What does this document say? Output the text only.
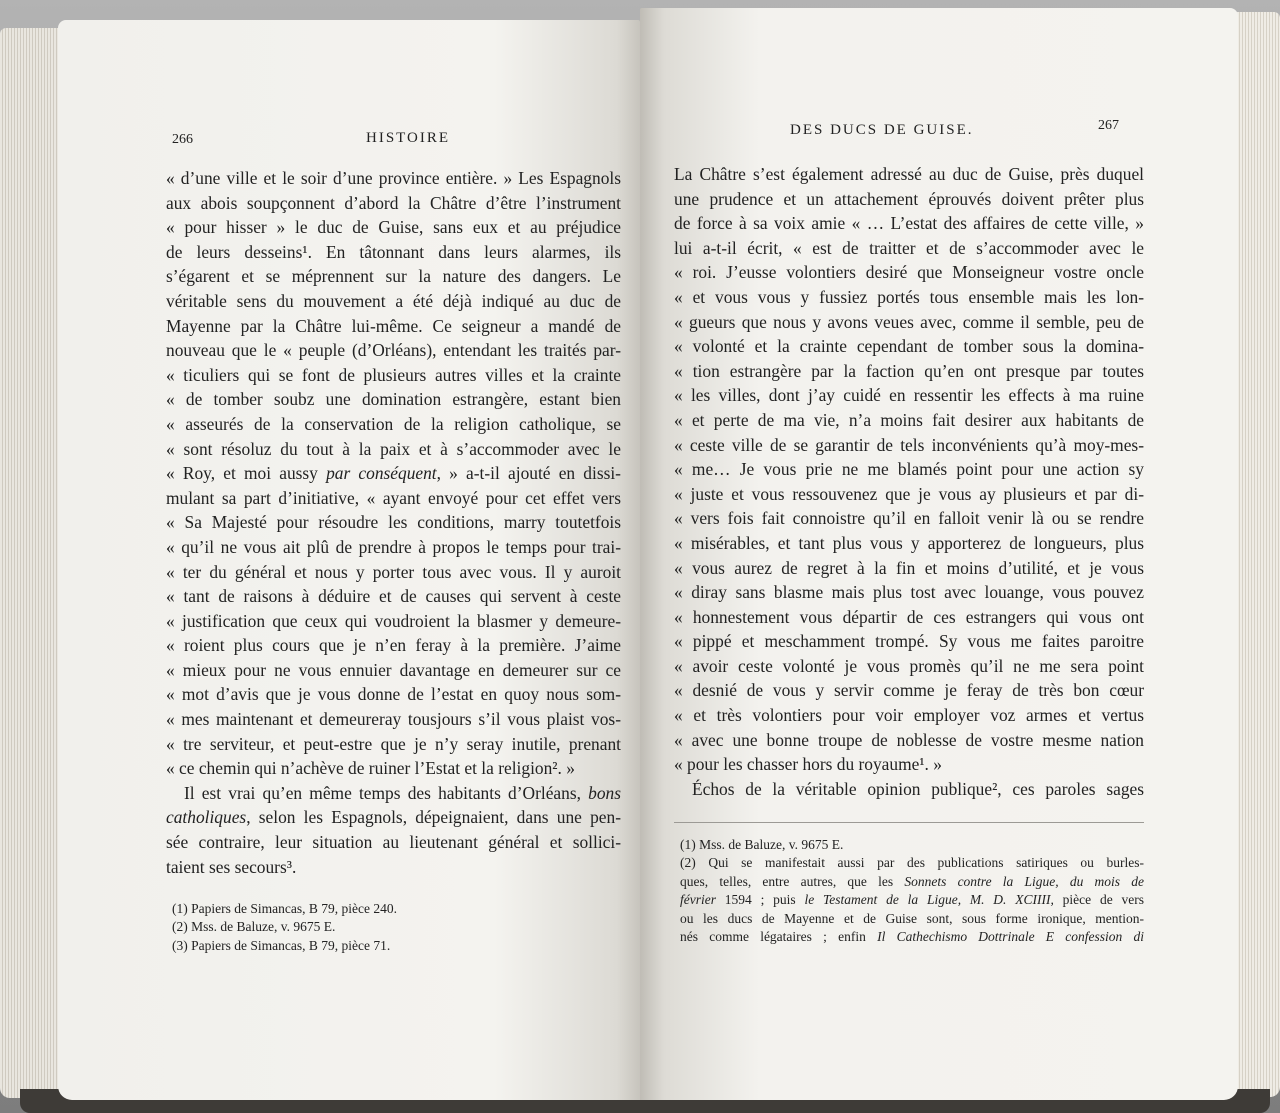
266	HISTOIRE
« d’une ville et le soir d’une province entière. » Les Espagnols
aux abois soupçonnent d’abord la Châtre d’être l’instrument
« pour hisser » le duc de Guise, sans eux et au préjudice
de leurs desseins¹. En tâtonnant dans leurs alarmes, ils
s’égarent et se méprennent sur la nature des dangers. Le
véritable sens du mouvement a été déjà indiqué au duc de
Mayenne par la Châtre lui-même. Ce seigneur a mandé de
nouveau que le « peuple (d’Orléans), entendant les traités par-
« ticuliers qui se font de plusieurs autres villes et la crainte
« de tomber soubz une domination estrangère, estant bien
« asseurés de la conservation de la religion catholique, se
« sont résoluz du tout à la paix et à s’accommoder avec le
« Roy, et moi aussy par conséquent, » a-t-il ajouté en dissi-
mulant sa part d’initiative, « ayant envoyé pour cet effet vers
« Sa Majesté pour résoudre les conditions, marry toutetfois
« qu’il ne vous ait plû de prendre à propos le temps pour trai-
« ter du général et nous y porter tous avec vous. Il y auroit
« tant de raisons à déduire et de causes qui servent à ceste
« justification que ceux qui voudroient la blasmer y demeure-
« roient plus cours que je n’en feray à la première. J’aime
« mieux pour ne vous ennuier davantage en demeurer sur ce
« mot d’avis que je vous donne de l’estat en quoy nous som-
« mes maintenant et demeureray tousjours s’il vous plaist vos-
« tre serviteur, et peut-estre que je n’y seray inutile, prenant
« ce chemin qui n’achève de ruiner l’Estat et la religion². »
Il est vrai qu’en même temps des habitants d’Orléans, bons
catholiques, selon les Espagnols, dépeignaient, dans une pen-
sée contraire, leur situation au lieutenant général et sollici-
taient ses secours³.
(1) Papiers de Simancas, B 79, pièce 240.
(2) Mss. de Baluze, v. 9675 E.
(3) Papiers de Simancas, B 79, pièce 71.
DES DUCS DE GUISE.	267
La Châtre s’est également adressé au duc de Guise, près duquel
une prudence et un attachement éprouvés doivent prêter plus
de force à sa voix amie « … L’estat des affaires de cette ville, »
lui a-t-il écrit, « est de traitter et de s’accommoder avec le
« roi. J’eusse volontiers desiré que Monseigneur vostre oncle
« et vous vous y fussiez portés tous ensemble mais les lon-
« gueurs que nous y avons veues avec, comme il semble, peu de
« volonté et la crainte cependant de tomber sous la domina-
« tion estrangère par la faction qu’en ont presque par toutes
« les villes, dont j’ay cuidé en ressentir les effects à ma ruine
« et perte de ma vie, n’a moins fait desirer aux habitants de
« ceste ville de se garantir de tels inconvénients qu’à moy-mes-
« me… Je vous prie ne me blamés point pour une action sy
« juste et vous ressouvenez que je vous ay plusieurs et par di-
« vers fois fait connoistre qu’il en falloit venir là ou se rendre
« misérables, et tant plus vous y apporterez de longueurs, plus
« vous aurez de regret à la fin et moins d’utilité, et je vous
« diray sans blasme mais plus tost avec louange, vous pouvez
« honnestement vous départir de ces estrangers qui vous ont
« pippé et meschamment trompé. Sy vous me faites paroitre
« avoir ceste volonté je vous promès qu’il ne me sera point
« desnié de vous y servir comme je feray de très bon cœur
« et très volontiers pour voir employer voz armes et vertus
« avec une bonne troupe de noblesse de vostre mesme nation
« pour les chasser hors du royaume¹. »
Échos de la véritable opinion publique², ces paroles sages
(1) Mss. de Baluze, v. 9675 E.
(2) Qui se manifestait aussi par des publications satiriques ou burles-
ques, telles, entre autres, que les Sonnets contre la Ligue, du mois de
février 1594 ; puis le Testament de la Ligue, M. D. XCIIII, pièce de vers
ou les ducs de Mayenne et de Guise sont, sous forme ironique, mention-
nés comme légataires ; enfin Il Cathechismo Dottrinale E confession di
